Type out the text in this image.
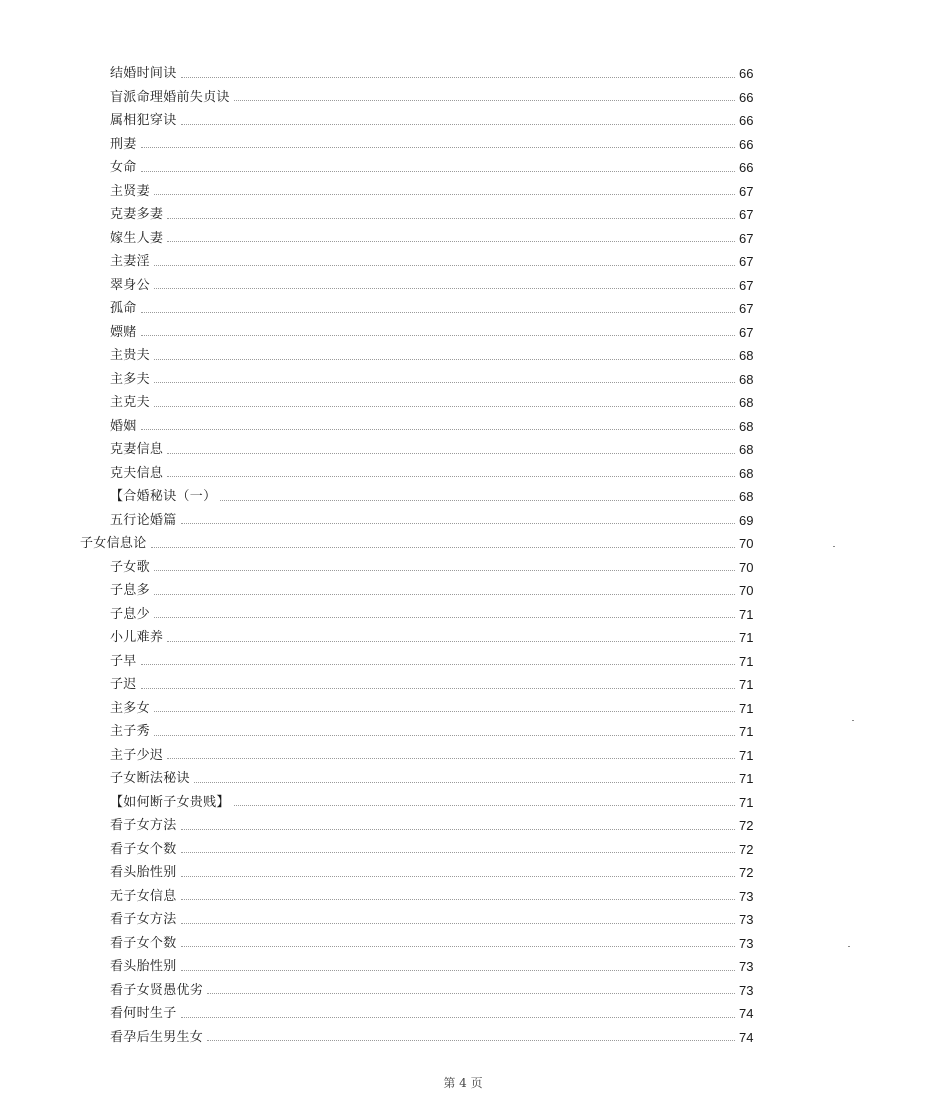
结婚时间诀	66
盲派命理婚前失贞诀	66
属相犯穿诀	66
刑妻	66
女命	66
主贤妻	67
克妻多妻	67
嫁生人妻	67
主妻淫	67
翠身公	67
孤命	67
嫖赌	67
主贵夫	68
主多夫	68
主克夫	68
婚姻	68
克妻信息	68
克夫信息	68
【合婚秘诀（一）	68
五行论婚篇	69
子女信息论	70
子女歌	70
子息多	70
子息少	71
小儿难养	71
子早	71
子迟	71
主多女	71
主子秀	71
主子少迟	71
子女断法秘诀	71
【如何断子女贵贱】	71
看子女方法	72
看子女个数	72
看头胎性别	72
无子女信息	73
看子女方法	73
看子女个数	73
看头胎性别	73
看子女贤愚优劣	73
看何时生子	74
看孕后生男生女	74
第 4 页
